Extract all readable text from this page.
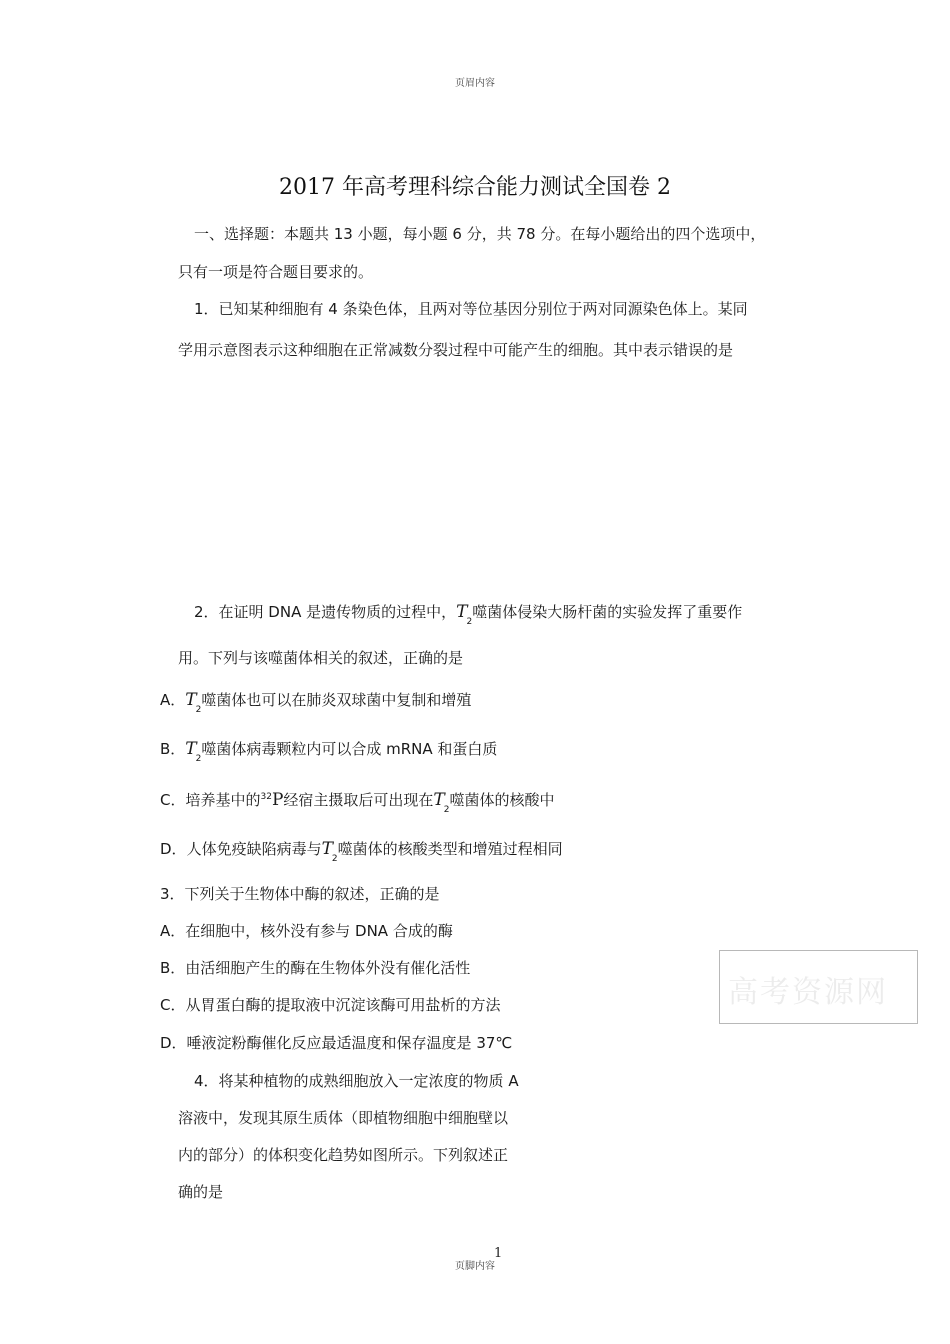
页眉内容
2017 年高考理科综合能力测试全国卷 2
一、选择题：本题共 13 小题，每小题 6 分，共 78 分。在每小题给出的四个选项中，
只有一项是符合题目要求的。
1．已知某种细胞有 4 条染色体，且两对等位基因分别位于两对同源染色体上。某同
学用示意图表示这种细胞在正常减数分裂过程中可能产生的细胞。其中表示错误的是
2．在证明 DNA 是遗传物质的过程中，$T_2$噬菌体侵染大肠杆菌的实验发挥了重要作
用。下列与该噬菌体相关的叙述，正确的是
A．$T_2$噬菌体也可以在肺炎双球菌中复制和增殖
B．$T_2$噬菌体病毒颗粒内可以合成 mRNA 和蛋白质
C．培养基中的$^{32}$P经宿主摄取后可出现在$T_2$噬菌体的核酸中
D．人体免疫缺陷病毒与$T_2$噬菌体的核酸类型和增殖过程相同
3．下列关于生物体中酶的叙述，正确的是
A．在细胞中，核外没有参与 DNA 合成的酶
B．由活细胞产生的酶在生物体外没有催化活性
C．从胃蛋白酶的提取液中沉淀该酶可用盐析的方法
D．唾液淀粉酶催化反应最适温度和保存温度是 37℃
4．将某种植物的成熟细胞放入一定浓度的物质 A
溶液中，发现其原生质体（即植物细胞中细胞壁以
内的部分）的体积变化趋势如图所示。下列叙述正
确的是
高考资源网
页脚内容
1
